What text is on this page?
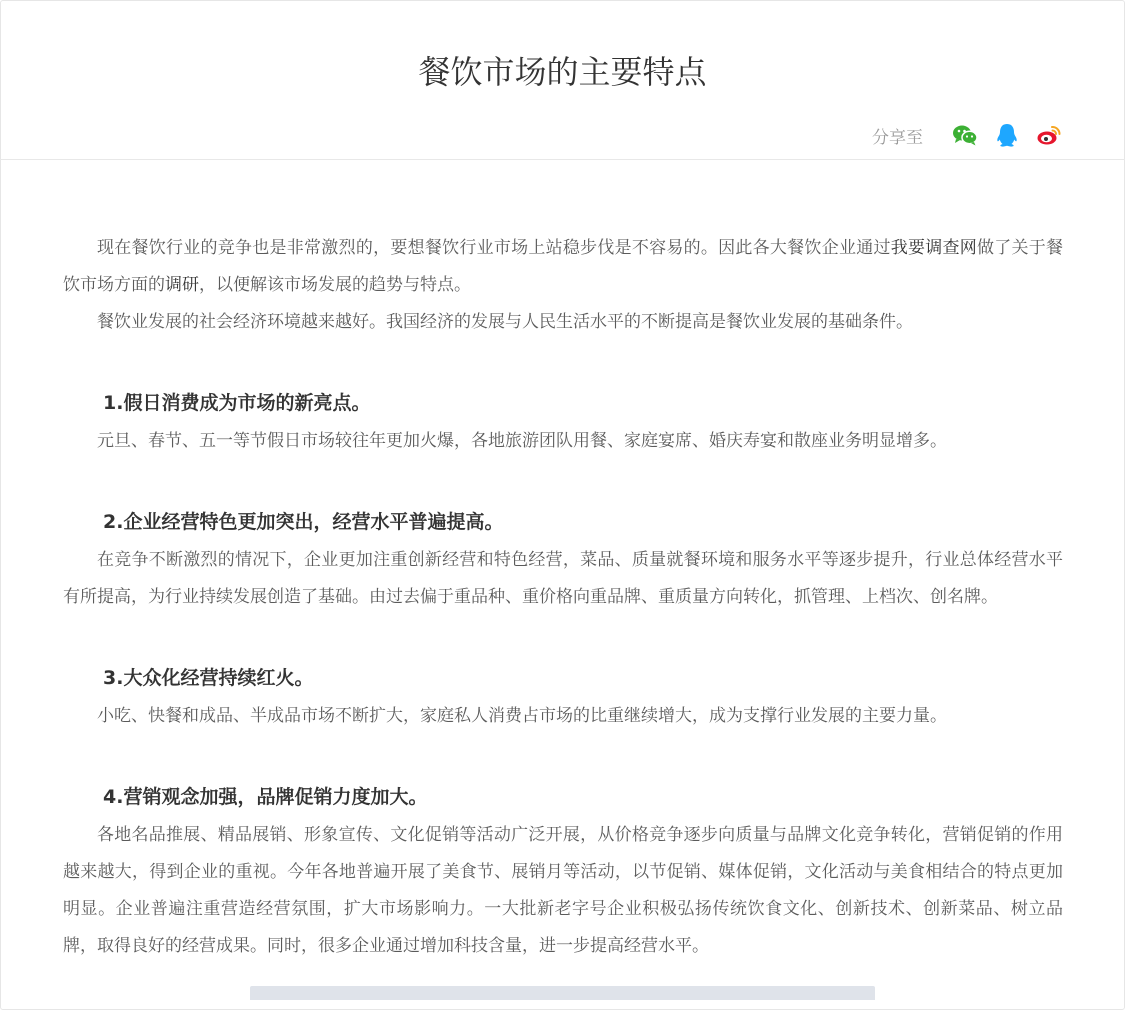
餐饮市场的主要特点
分享至

现在餐饮行业的竞争也是非常激烈的，要想餐饮行业市场上站稳步伐是不容易的。因此各大餐饮企业通过我要调查网做了关于餐饮市场方面的调研，以便解该市场发展的趋势与特点。

餐饮业发展的社会经济环境越来越好。我国经济的发展与人民生活水平的不断提高是餐饮业发展的基础条件。

1.假日消费成为市场的新亮点。

元旦、春节、五一等节假日市场较往年更加火爆，各地旅游团队用餐、家庭宴席、婚庆寿宴和散座业务明显增多。

2.企业经营特色更加突出，经营水平普遍提高。

在竞争不断激烈的情况下，企业更加注重创新经营和特色经营，菜品、质量就餐环境和服务水平等逐步提升，行业总体经营水平有所提高，为行业持续发展创造了基础。由过去偏于重品种、重价格向重品牌、重质量方向转化，抓管理、上档次、创名牌。

3.大众化经营持续红火。

小吃、快餐和成品、半成品市场不断扩大，家庭私人消费占市场的比重继续增大，成为支撑行业发展的主要力量。

4.营销观念加强，品牌促销力度加大。

各地名品推展、精品展销、形象宣传、文化促销等活动广泛开展，从价格竞争逐步向质量与品牌文化竞争转化，营销促销的作用越来越大，得到企业的重视。今年各地普遍开展了美食节、展销月等活动，以节促销、媒体促销，文化活动与美食相结合的特点更加明显。企业普遍注重营造经营氛围，扩大市场影响力。一大批新老字号企业积极弘扬传统饮食文化、创新技术、创新菜品、树立品牌，取得良好的经营成果。同时，很多企业通过增加科技含量，进一步提高经营水平。
